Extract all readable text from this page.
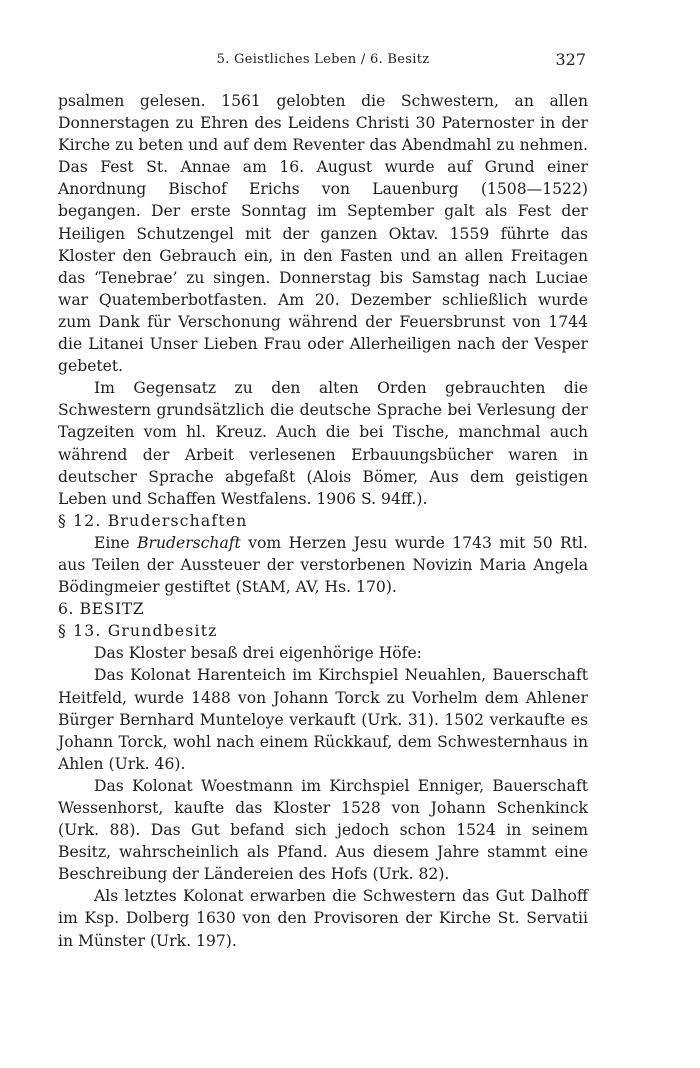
5. Geistliches Leben / 6. Besitz	327

psalmen gelesen. 1561 gelobten die Schwestern, an allen Donnerstagen zu Ehren des Leidens Christi 30 Paternoster in der Kirche zu beten und auf dem Reventer das Abendmahl zu nehmen. Das Fest St. Annae am 16. August wurde auf Grund einer Anordnung Bischof Erichs von Lauenburg (1508—1522) begangen. Der erste Sonntag im September galt als Fest der Heiligen Schutzengel mit der ganzen Oktav. 1559 führte das Kloster den Gebrauch ein, in den Fasten und an allen Freitagen das ‘Tenebrae’ zu singen. Donnerstag bis Samstag nach Luciae war Quatemberbotfasten. Am 20. Dezember schließlich wurde zum Dank für Verschonung während der Feuersbrunst von 1744 die Litanei Unser Lieben Frau oder Allerheiligen nach der Vesper gebetet.

Im Gegensatz zu den alten Orden gebrauchten die Schwestern grundsätzlich die deutsche Sprache bei Verlesung der Tagzeiten vom hl. Kreuz. Auch die bei Tische, manchmal auch während der Arbeit verlesenen Erbauungsbücher waren in deutscher Sprache abgefaßt (Alois Bömer, Aus dem geistigen Leben und Schaffen Westfalens. 1906 S. 94ff.).

§ 12. Bruderschaften

Eine Bruderschaft vom Herzen Jesu wurde 1743 mit 50 Rtl. aus Teilen der Aussteuer der verstorbenen Novizin Maria Angela Bödingmeier gestiftet (StAM, AV, Hs. 170).

6. BESITZ

§ 13. Grundbesitz

Das Kloster besaß drei eigenhörige Höfe:

Das Kolonat Harenteich im Kirchspiel Neuahlen, Bauerschaft Heitfeld, wurde 1488 von Johann Torck zu Vorhelm dem Ahlener Bürger Bernhard Munteloye verkauft (Urk. 31). 1502 verkaufte es Johann Torck, wohl nach einem Rückkauf, dem Schwesternhaus in Ahlen (Urk. 46).

Das Kolonat Woestmann im Kirchspiel Enniger, Bauerschaft Wessenhorst, kaufte das Kloster 1528 von Johann Schenkinck (Urk. 88). Das Gut befand sich jedoch schon 1524 in seinem Besitz, wahrscheinlich als Pfand. Aus diesem Jahre stammt eine Beschreibung der Ländereien des Hofs (Urk. 82).

Als letztes Kolonat erwarben die Schwestern das Gut Dalhoff im Ksp. Dolberg 1630 von den Provisoren der Kirche St. Servatii in Münster (Urk. 197).
